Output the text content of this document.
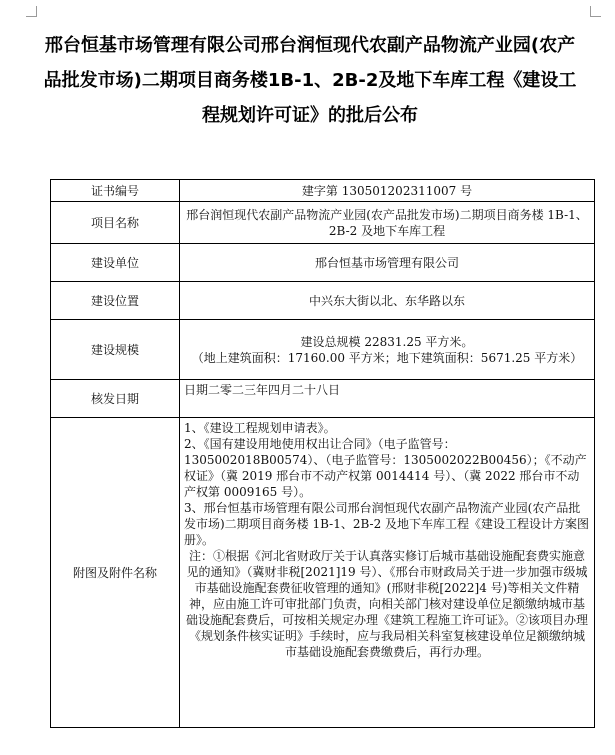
邢台恒基市场管理有限公司邢台润恒现代农副产品物流产业园(农产品批发市场)二期项目商务楼1B-1、2B-2及地下车库工程《建设工程规划许可证》的批后公布
证书编号	建字第 130501202311007 号
项目名称	邢台润恒现代农副产品物流产业园(农产品批发市场)二期项目商务楼 1B-1、2B-2 及地下车库工程
建设单位	邢台恒基市场管理有限公司
建设位置	中兴东大街以北、东华路以东
建设规模	建设总规模 22831.25 平方米。
（地上建筑面积：17160.00 平方米；地下建筑面积：5671.25 平方米）

核发日期	日期二零二三年四月二十八日
附图及附件名称	1、《建设工程规划申请表》。

2、《国有建设用地使用权出让合同》（电子监管号：1305002018B00574）、（电子监管号：1305002022B00456）；《不动产权证》（冀 2019 邢台市不动产权第 0014414 号）、（冀 2022 邢台市不动产权第 0009165 号）。

3、邢台恒基市场管理有限公司邢台润恒现代农副产品物流产业园(农产品批发市场)二期项目商务楼 1B-1、2B-2 及地下车库工程《建设工程设计方案图册》。

注：①根据《河北省财政厅关于认真落实修订后城市基础设施配套费实施意见的通知》（冀财非税[2021]19 号）、《邢台市财政局关于进一步加强市级城市基础设施配套费征收管理的通知》(邢财非税[2022]4 号)等相关文件精神，应由施工许可审批部门负责，向相关部门核对建设单位足额缴纳城市基础设施配套费后，可按相关规定办理《建筑工程施工许可证》。②该项目办理《规划条件核实证明》手续时，应与我局相关科室复核建设单位足额缴纳城市基础设施配套费缴费后，再行办理。
